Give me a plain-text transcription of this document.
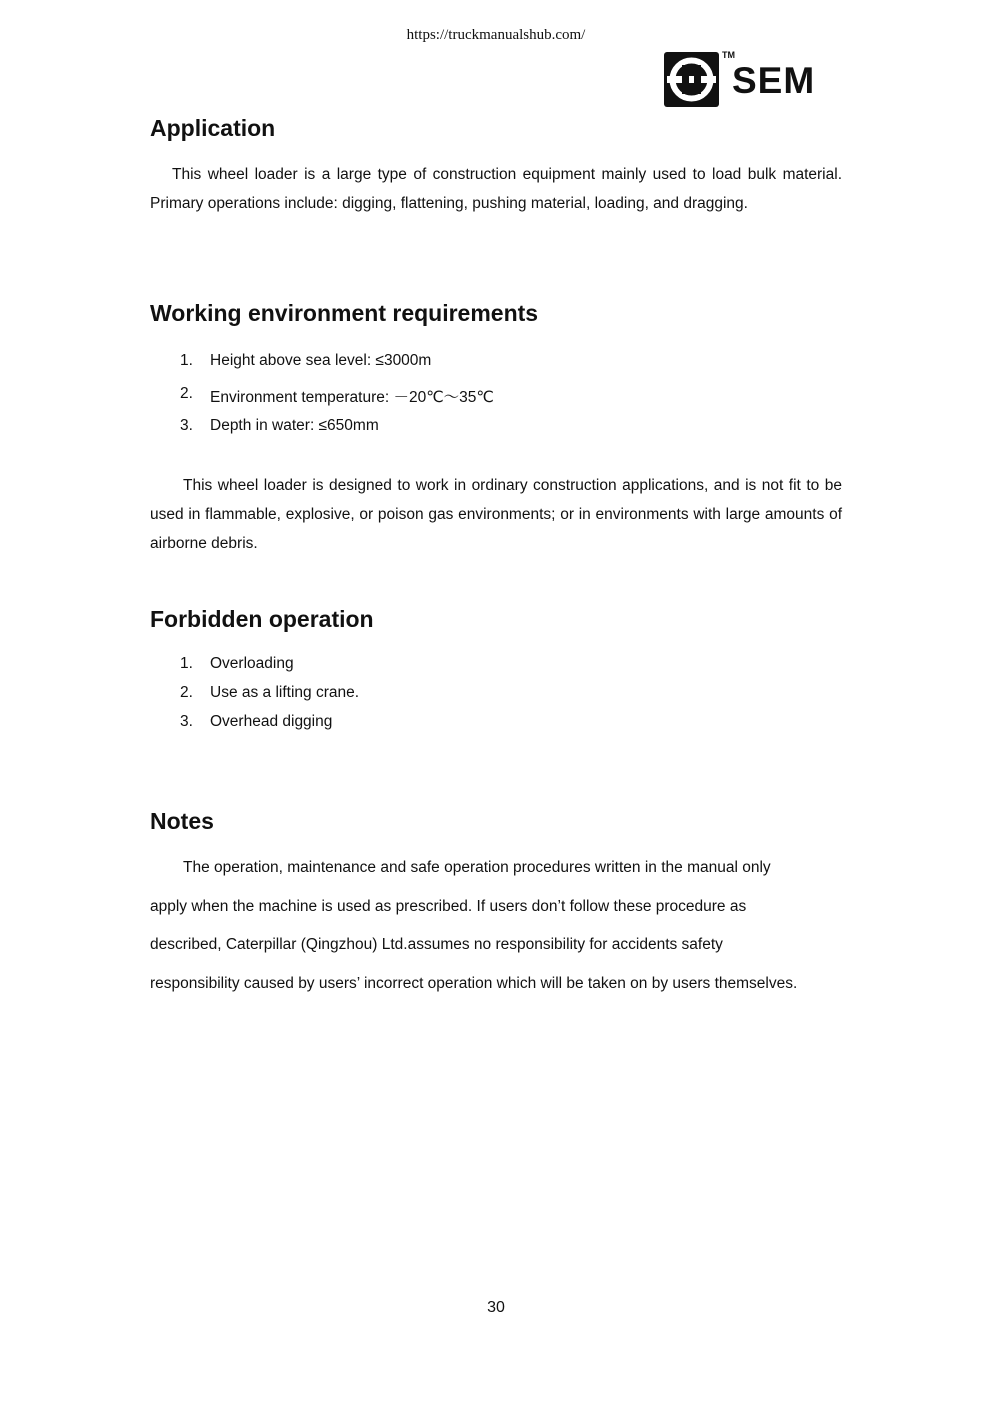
https://truckmanualshub.com/
TM
SEM
Application

This wheel loader is a large type of construction equipment mainly used to load bulk material. Primary operations include: digging, flattening, pushing material, loading, and dragging.

Working environment requirements
1.	Height above sea level: ≤3000m
2.	Environment temperature: －20℃～35℃
3.	Depth in water: ≤650mm

This wheel loader is designed to work in ordinary construction applications, and is not fit to be used in flammable, explosive, or poison gas environments; or in environments with large amounts of airborne debris.

Forbidden operation
1.	Overloading
2.	Use as a lifting crane.
3.	Overhead digging
Notes

The operation, maintenance and safe operation procedures written in the manual only

apply when the machine is used as prescribed. If users don’t follow these procedure as

described, Caterpillar (Qingzhou) Ltd.assumes no responsibility for accidents safety

responsibility caused by users’ incorrect operation which will be taken on by users themselves.

30
